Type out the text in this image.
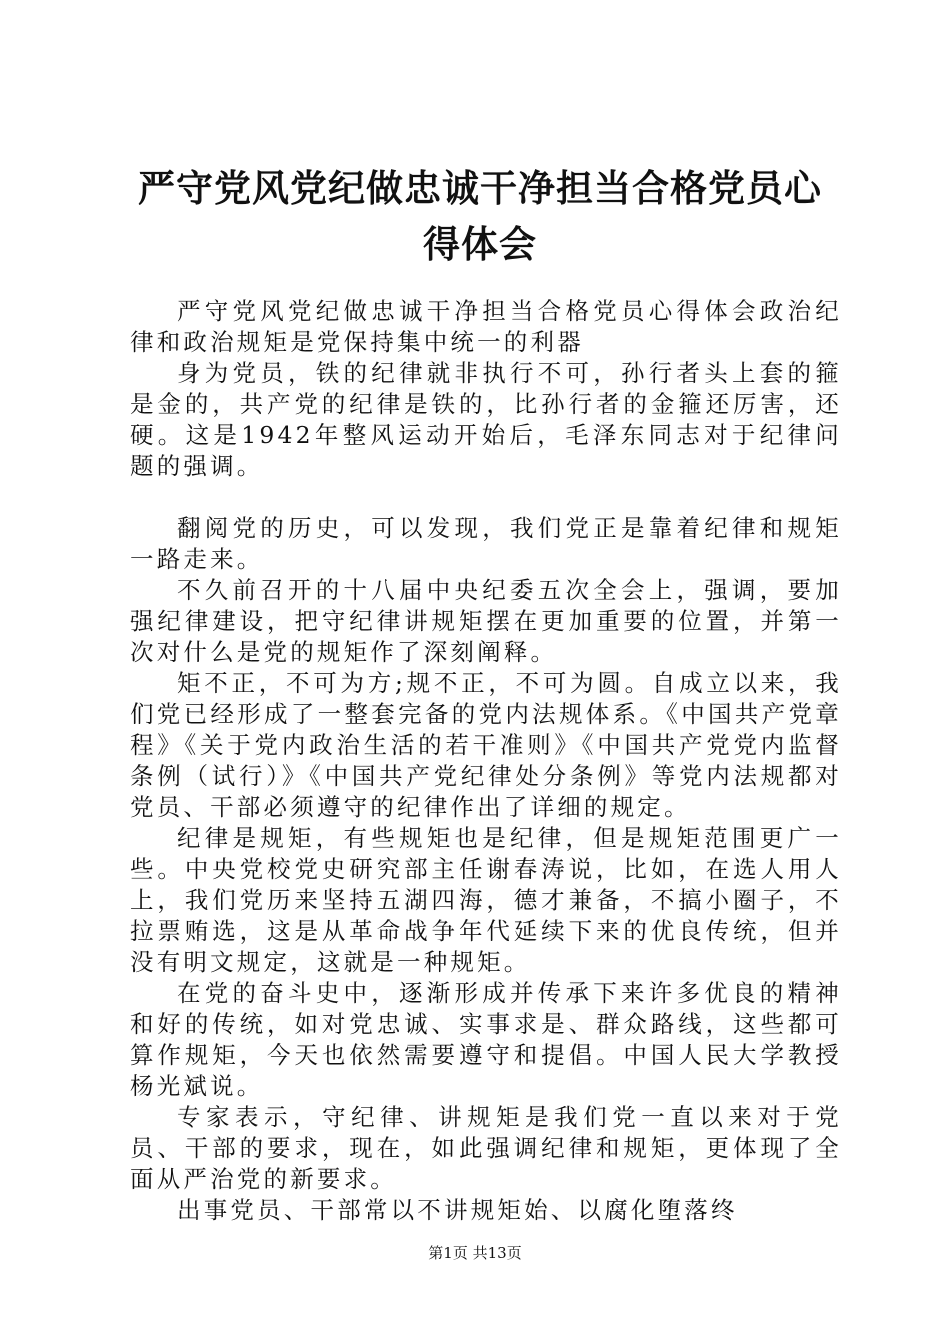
严守党风党纪做忠诚干净担当合格党员心得体会

严守党风党纪做忠诚干净担当合格党员心得体会政治纪律和政治规矩是党保持集中统一的利器

身为党员，铁的纪律就非执行不可，孙行者头上套的箍是金的，共产党的纪律是铁的，比孙行者的金箍还厉害，还硬。这是1942年整风运动开始后，毛泽东同志对于纪律问题的强调。

翻阅党的历史，可以发现，我们党正是靠着纪律和规矩一路走来。

不久前召开的十八届中央纪委五次全会上，强调，要加强纪律建设，把守纪律讲规矩摆在更加重要的位置，并第一次对什么是党的规矩作了深刻阐释。

矩不正，不可为方;规不正，不可为圆。自成立以来，我们党已经形成了一整套完备的党内法规体系。《中国共产党章程》《关于党内政治生活的若干准则》《中国共产党党内监督条例（试行）》《中国共产党纪律处分条例》等党内法规都对党员、干部必须遵守的纪律作出了详细的规定。

纪律是规矩，有些规矩也是纪律，但是规矩范围更广一些。中央党校党史研究部主任谢春涛说，比如，在选人用人上，我们党历来坚持五湖四海，德才兼备，不搞小圈子，不拉票贿选，这是从革命战争年代延续下来的优良传统，但并没有明文规定，这就是一种规矩。

在党的奋斗史中，逐渐形成并传承下来许多优良的精神和好的传统，如对党忠诚、实事求是、群众路线，这些都可算作规矩，今天也依然需要遵守和提倡。中国人民大学教授杨光斌说。

专家表示，守纪律、讲规矩是我们党一直以来对于党员、干部的要求，现在，如此强调纪律和规矩，更体现了全面从严治党的新要求。

出事党员、干部常以不讲规矩始、以腐化堕落终

第1页 共13页
